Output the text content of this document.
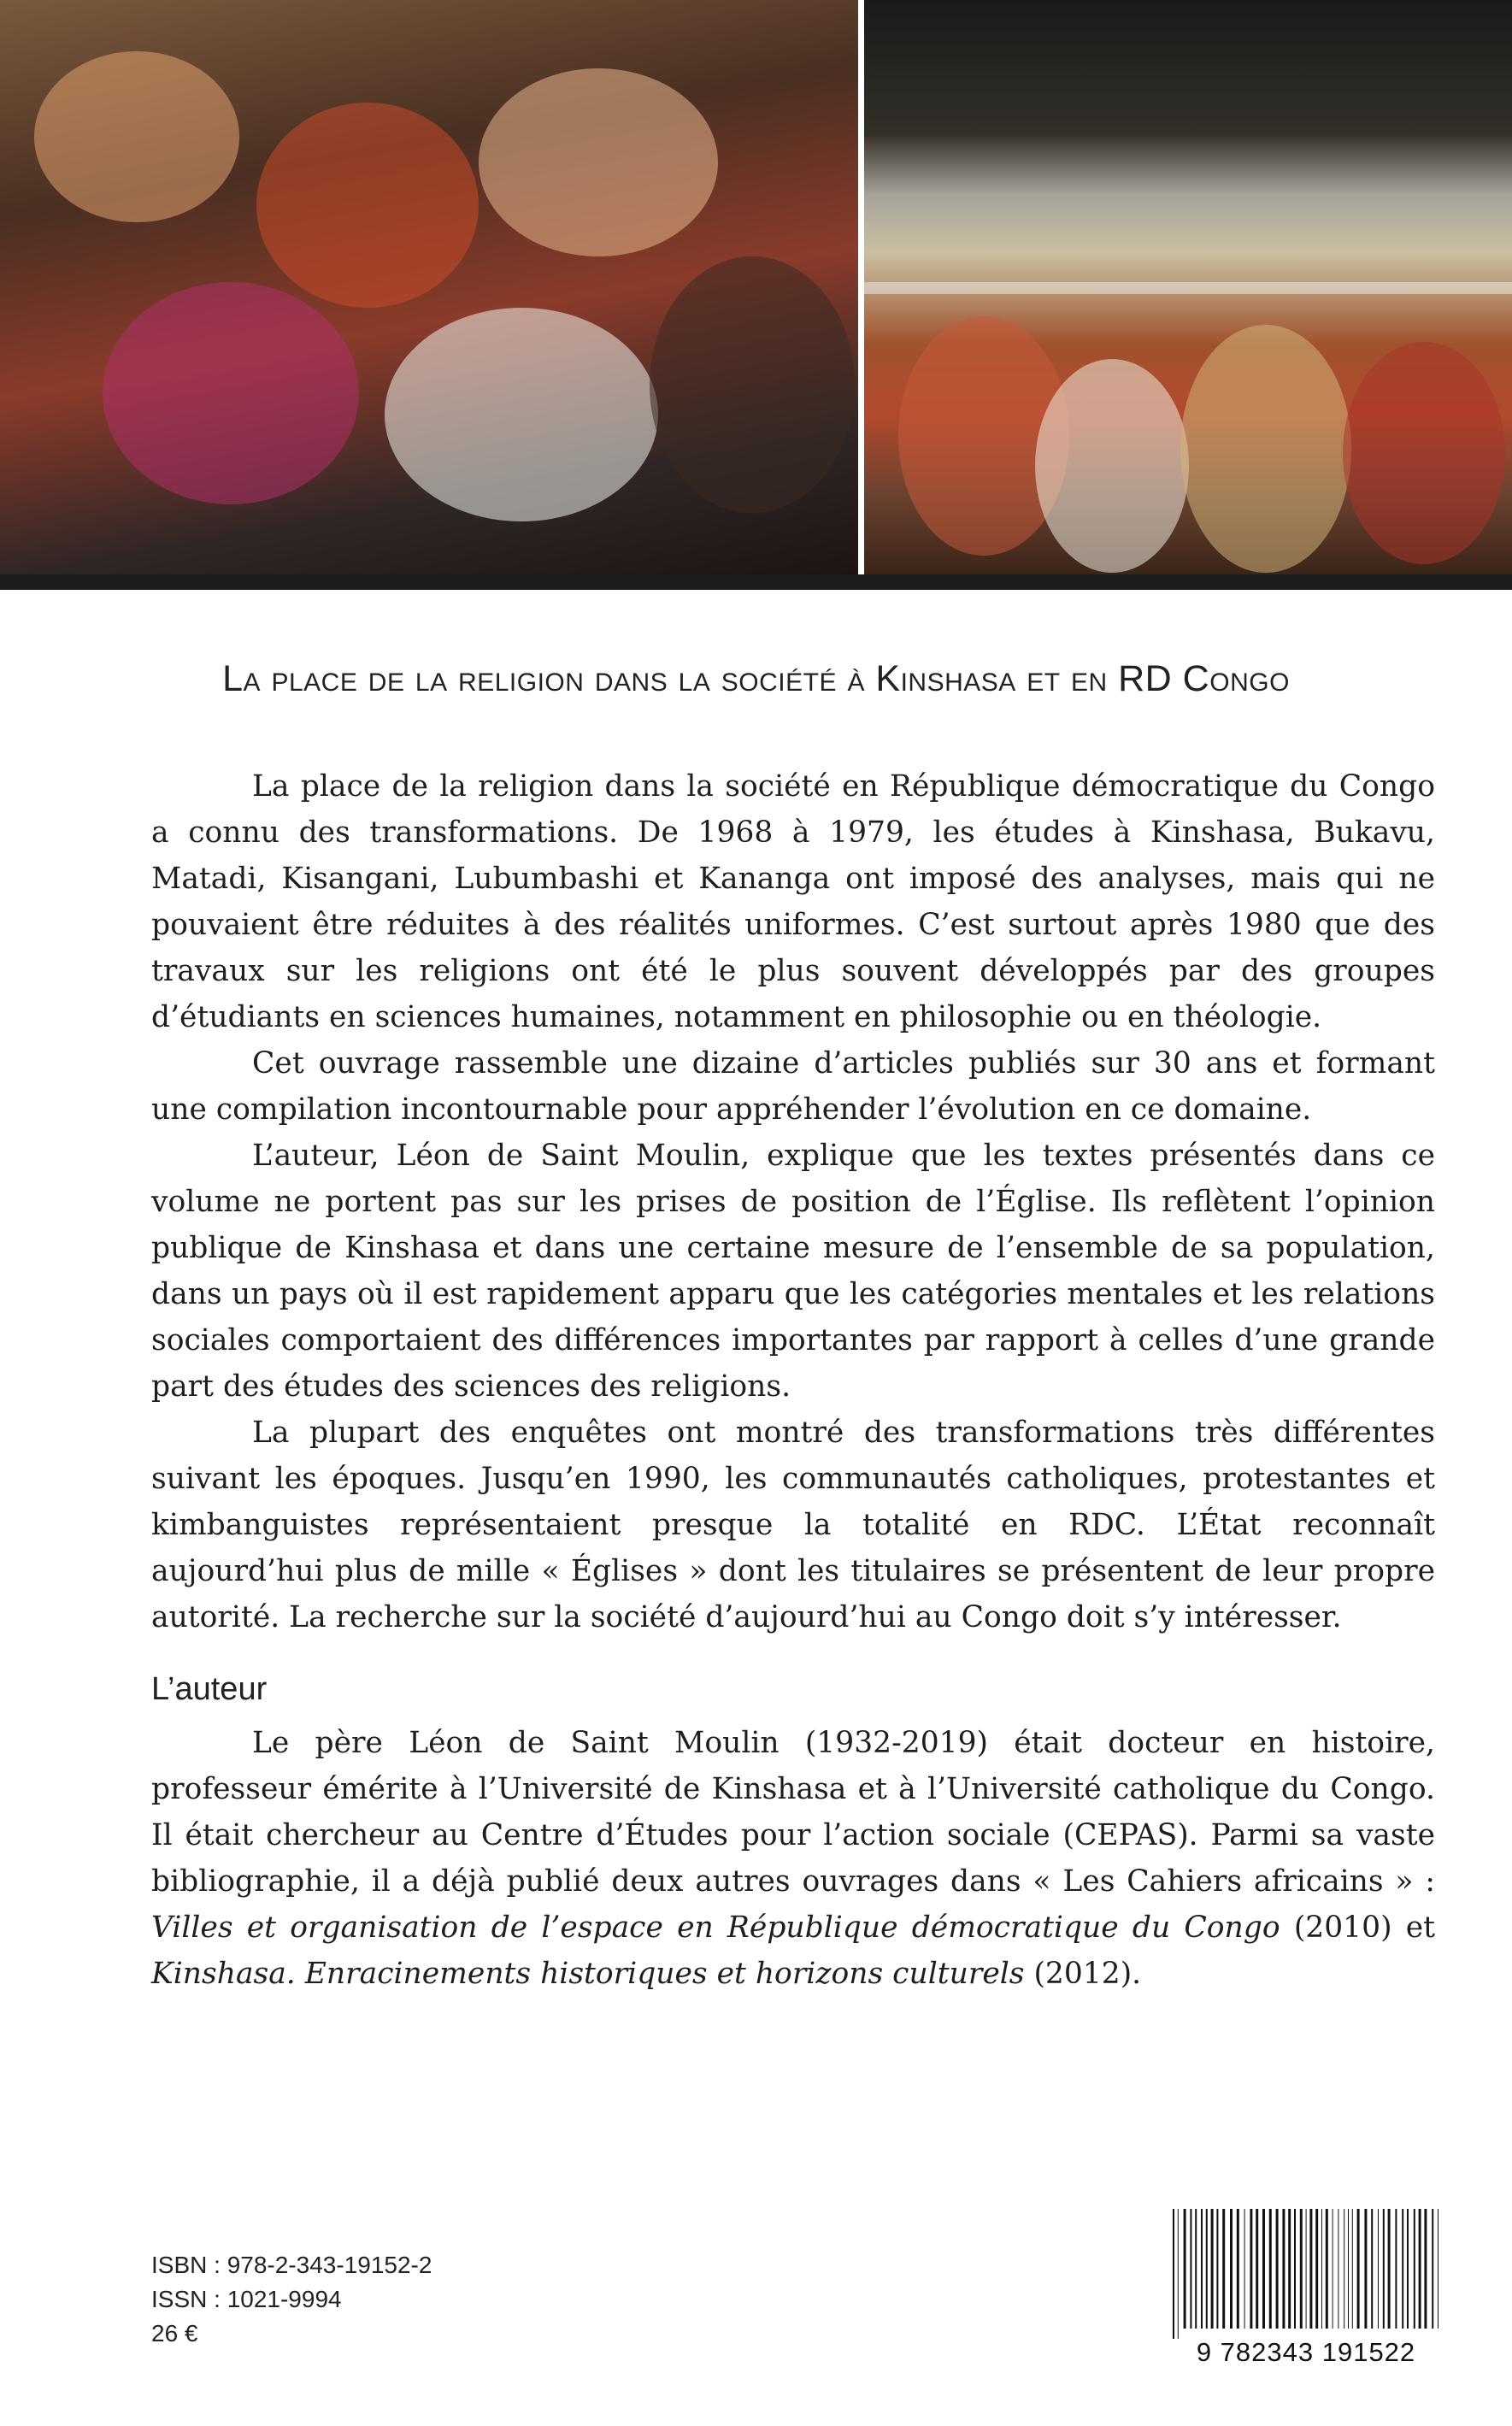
La place de la religion dans la société à Kinshasa et en RD Congo

La place de la religion dans la société en République démocratique du Congo a connu des transformations. De 1968 à 1979, les études à Kinshasa, Bukavu, Matadi, Kisangani, Lubumbashi et Kananga ont imposé des analyses, mais qui ne pouvaient être réduites à des réalités uniformes. C’est surtout après 1980 que des travaux sur les religions ont été le plus souvent développés par des groupes d’étudiants en sciences humaines, notamment en philosophie ou en théologie.

Cet ouvrage rassemble une dizaine d’articles publiés sur 30 ans et formant une compilation incontournable pour appréhender l’évolution en ce domaine.

L’auteur, Léon de Saint Moulin, explique que les textes présentés dans ce volume ne portent pas sur les prises de position de l’Église. Ils reflètent l’opinion publique de Kinshasa et dans une certaine mesure de l’ensemble de sa population, dans un pays où il est rapidement apparu que les catégories mentales et les relations sociales comportaient des différences importantes par rapport à celles d’une grande part des études des sciences des religions.

La plupart des enquêtes ont montré des transformations très différentes suivant les époques. Jusqu’en 1990, les communautés catholiques, protestantes et kimbanguistes représentaient presque la totalité en RDC. L’État reconnaît aujourd’hui plus de mille « Églises » dont les titulaires se présentent de leur propre autorité. La recherche sur la société d’aujourd’hui au Congo doit s’y intéresser.

L’auteur

Le père Léon de Saint Moulin (1932-2019) était docteur en histoire, professeur émérite à l’Université de Kinshasa et à l’Université catholique du Congo. Il était chercheur au Centre d’Études pour l’action sociale (CEPAS). Parmi sa vaste bibliographie, il a déjà publié deux autres ouvrages dans « Les Cahiers africains » : Villes et organisation de l’espace en République démocratique du Congo (2010) et Kinshasa. Enracinements historiques et horizons culturels (2012).

ISBN : 978-2-343-19152-2
ISSN : 1021-9994
26 €
9 782343 191522
